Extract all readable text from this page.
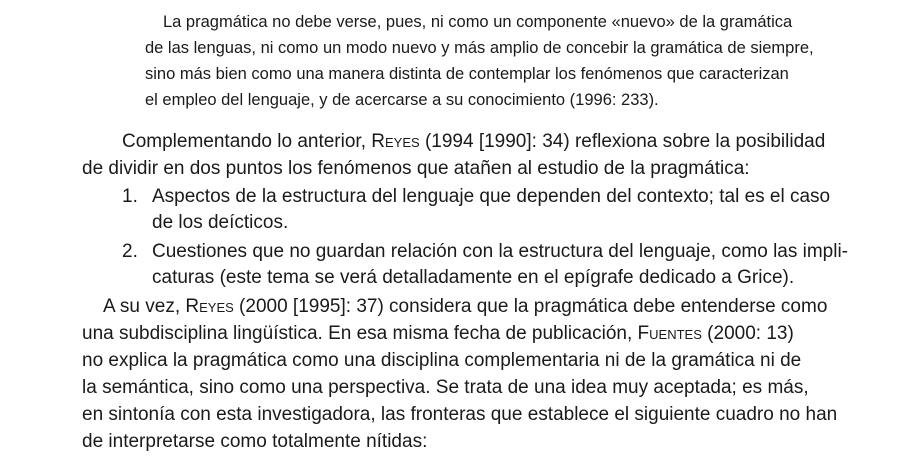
La pragmática no debe verse, pues, ni como un componente «nuevo» de la gramática
de las lenguas, ni como un modo nuevo y más amplio de concebir la gramática de siempre,
sino más bien como una manera distinta de contemplar los fenómenos que caracterizan
el empleo del lenguaje, y de acercarse a su conocimiento (1996: 233).
Complementando lo anterior, Reyes (1994 [1990]: 34) reflexiona sobre la posibilidad
de dividir en dos puntos los fenómenos que atañen al estudio de la pragmática:
1. Aspectos de la estructura del lenguaje que dependen del contexto; tal es el caso
de los deícticos.
2. Cuestiones que no guardan relación con la estructura del lenguaje, como las impli-
caturas (este tema se verá detalladamente en el epígrafe dedicado a Grice).
A su vez, Reyes (2000 [1995]: 37) considera que la pragmática debe entenderse como
una subdisciplina lingüística. En esa misma fecha de publicación, Fuentes (2000: 13)
no explica la pragmática como una disciplina complementaria ni de la gramática ni de
la semántica, sino como una perspectiva. Se trata de una idea muy aceptada; es más,
en sintonía con esta investigadora, las fronteras que establece el siguiente cuadro no han
de interpretarse como totalmente nítidas:
